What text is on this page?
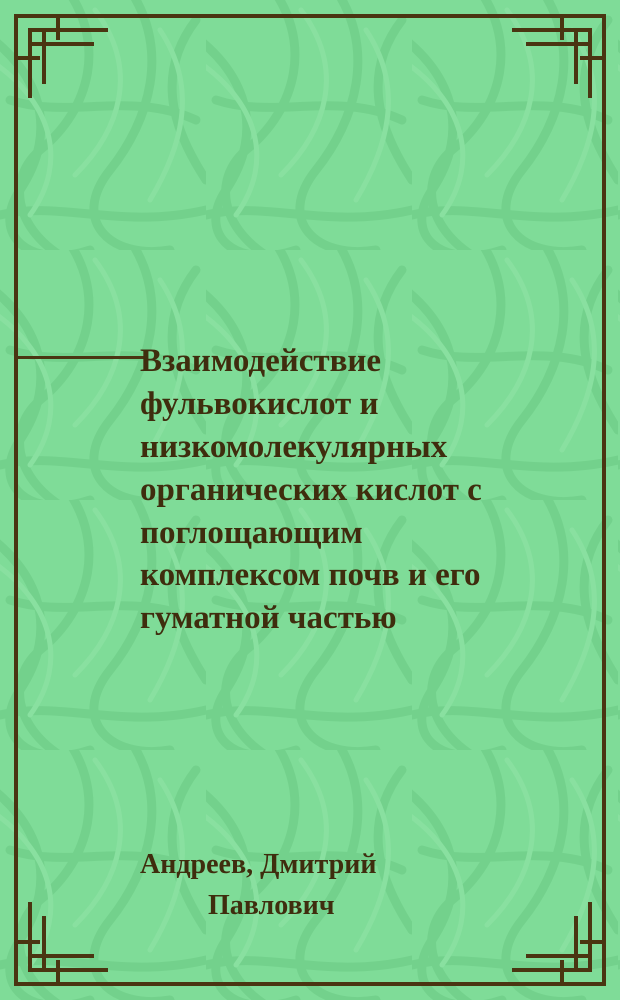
Взаимодействие
фульвокислот и
низкомолекулярных
органических кислот с
поглощающим
комплексом почв и его
гуматной частью
Андреев, Дмитрий
Павлович
